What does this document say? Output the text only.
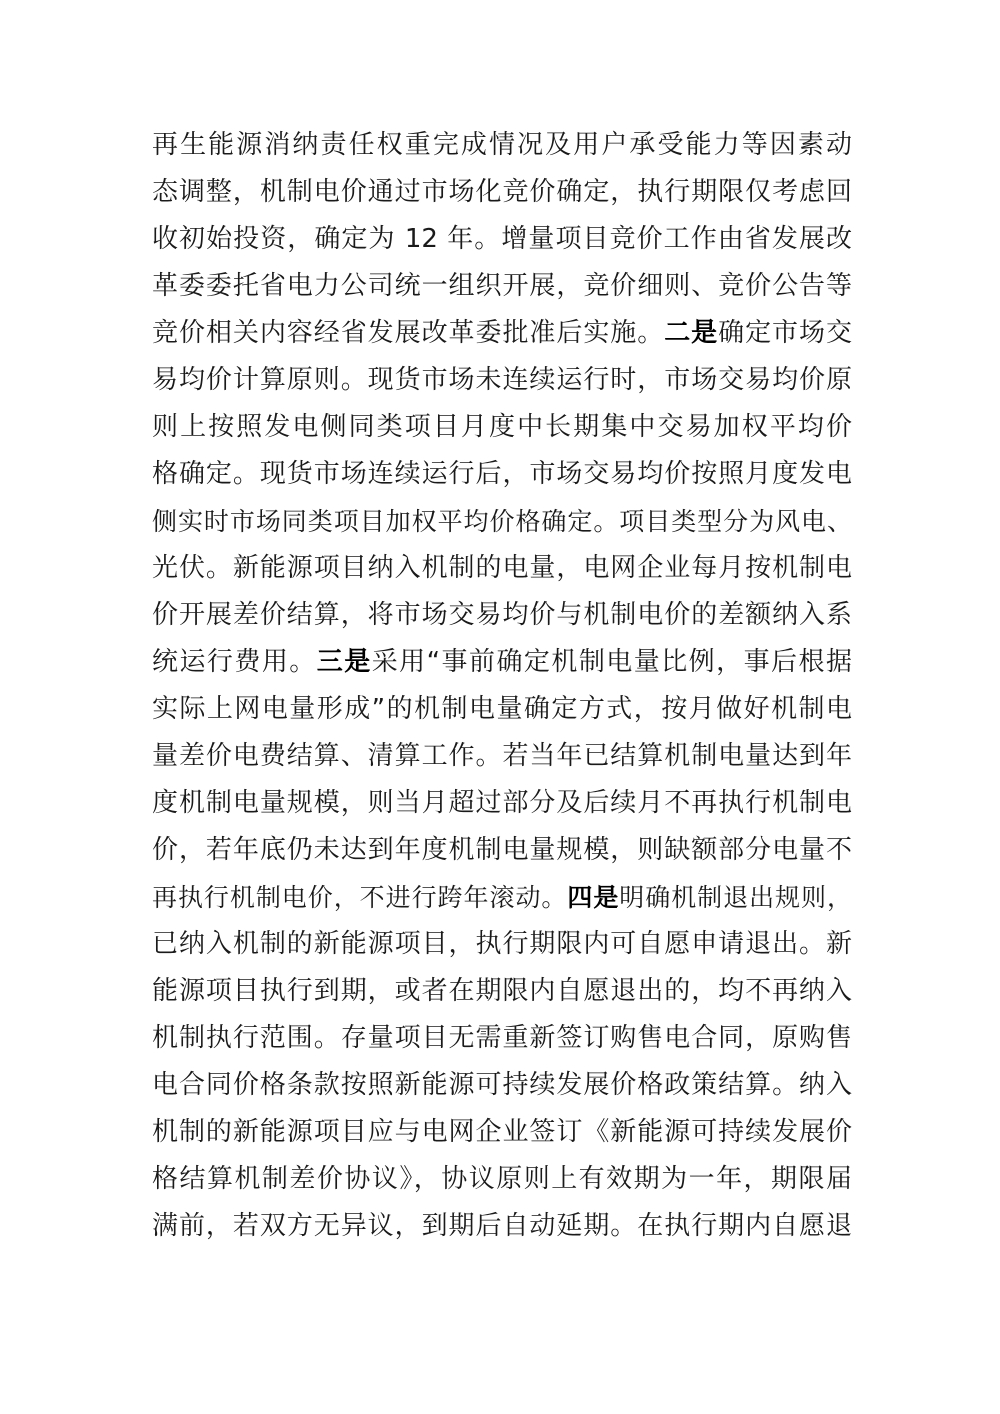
再生能源消纳责任权重完成情况及用户承受能力等因素动
态调整，机制电价通过市场化竞价确定，执行期限仅考虑回
收初始投资，确定为 12 年。增量项目竞价工作由省发展改
革委委托省电力公司统一组织开展，竞价细则、竞价公告等
竞价相关内容经省发展改革委批准后实施。二是确定市场交
易均价计算原则。现货市场未连续运行时，市场交易均价原
则上按照发电侧同类项目月度中长期集中交易加权平均价
格确定。现货市场连续运行后，市场交易均价按照月度发电
侧实时市场同类项目加权平均价格确定。项目类型分为风电、
光伏。新能源项目纳入机制的电量，电网企业每月按机制电
价开展差价结算，将市场交易均价与机制电价的差额纳入系
统运行费用。三是采用“事前确定机制电量比例，事后根据
实际上网电量形成”的机制电量确定方式，按月做好机制电
量差价电费结算、清算工作。若当年已结算机制电量达到年
度机制电量规模，则当月超过部分及后续月不再执行机制电
价，若年底仍未达到年度机制电量规模，则缺额部分电量不
再执行机制电价，不进行跨年滚动。四是明确机制退出规则，
已纳入机制的新能源项目，执行期限内可自愿申请退出。新
能源项目执行到期，或者在期限内自愿退出的，均不再纳入
机制执行范围。存量项目无需重新签订购售电合同，原购售
电合同价格条款按照新能源可持续发展价格政策结算。纳入
机制的新能源项目应与电网企业签订《新能源可持续发展价
格结算机制差价协议》，协议原则上有效期为一年，期限届
满前，若双方无异议，到期后自动延期。在执行期内自愿退
